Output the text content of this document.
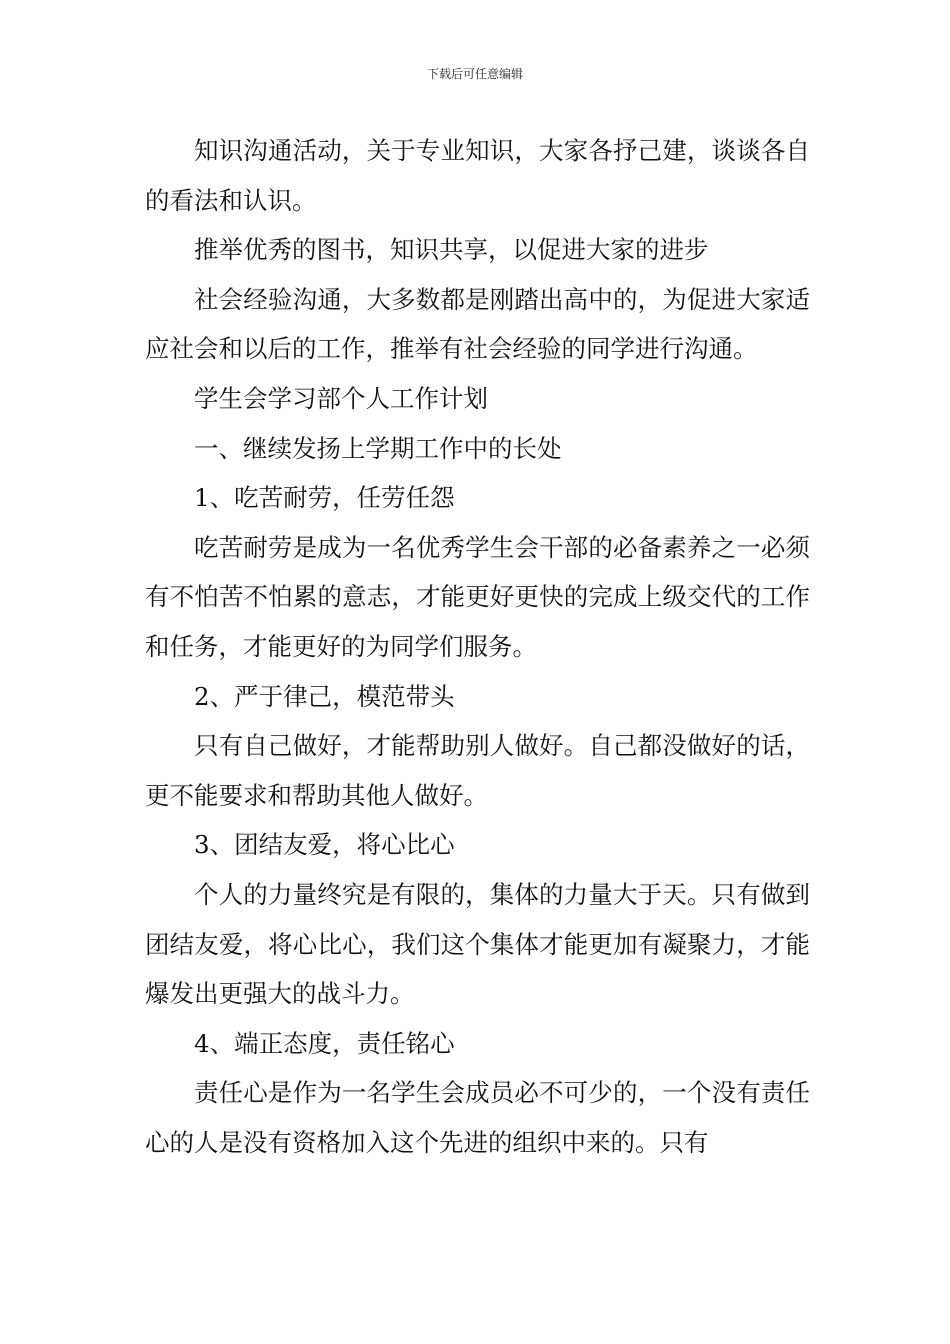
下载后可任意编辑

知识沟通活动，关于专业知识，大家各抒己建，谈谈各自的看法和认识。

推举优秀的图书，知识共享，以促进大家的进步

社会经验沟通，大多数都是刚踏出高中的，为促进大家适应社会和以后的工作，推举有社会经验的同学进行沟通。

学生会学习部个人工作计划

一、继续发扬上学期工作中的长处

1、吃苦耐劳，任劳任怨

吃苦耐劳是成为一名优秀学生会干部的必备素养之一必须有不怕苦不怕累的意志，才能更好更快的完成上级交代的工作和任务，才能更好的为同学们服务。

2、严于律己，模范带头

只有自己做好，才能帮助别人做好。自己都没做好的话，更不能要求和帮助其他人做好。

3、团结友爱，将心比心

个人的力量终究是有限的，集体的力量大于天。只有做到团结友爱，将心比心，我们这个集体才能更加有凝聚力，才能爆发出更强大的战斗力。

4、端正态度，责任铭心

责任心是作为一名学生会成员必不可少的，一个没有责任心的人是没有资格加入这个先进的组织中来的。只有
